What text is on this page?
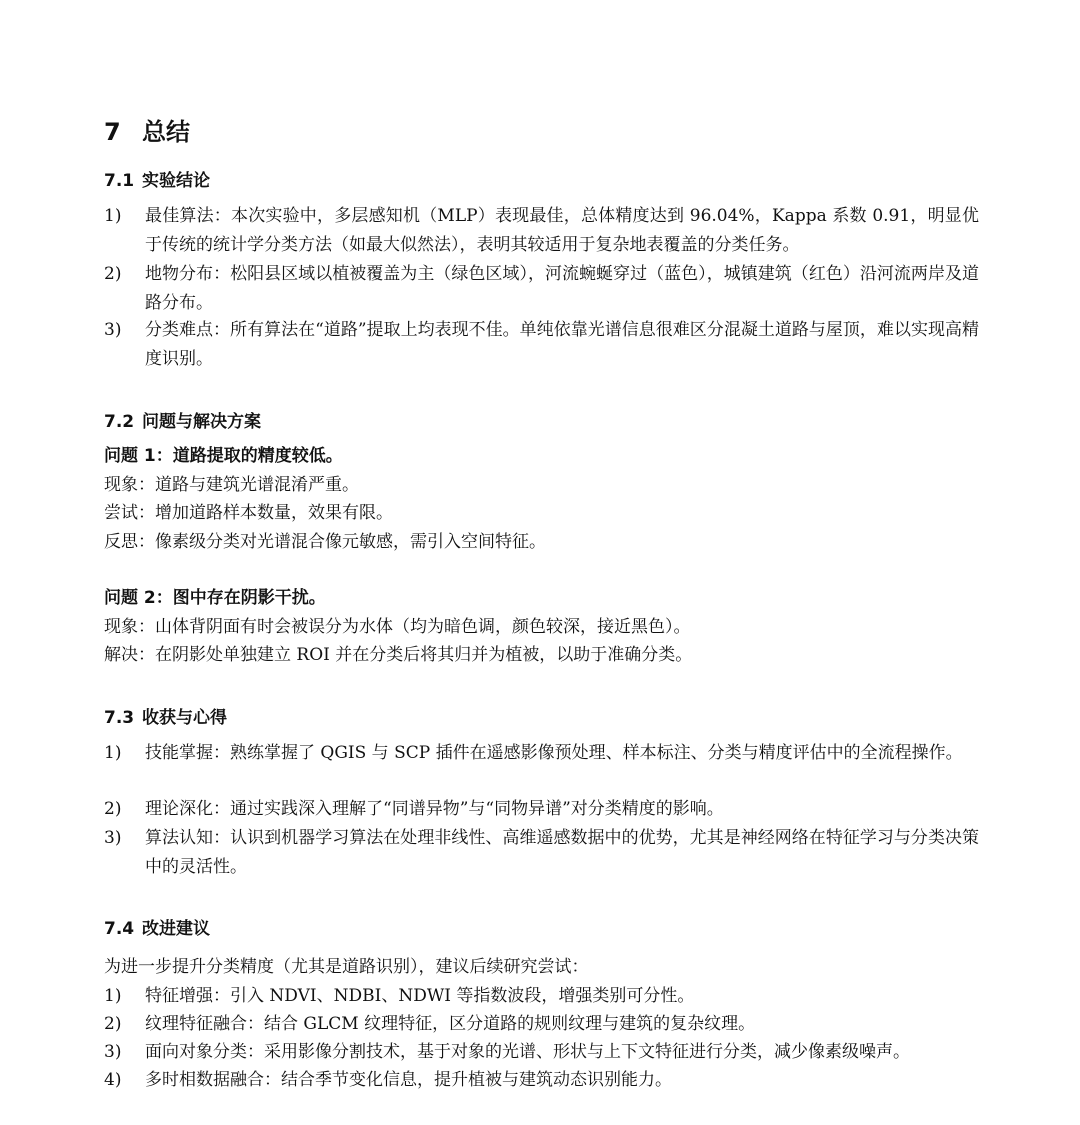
7 总结
7.1 实验结论
1)	最佳算法：本次实验中，多层感知机（MLP）表现最佳，总体精度达到 96.04%，Kappa 系数 0.91，明显优于传统的统计学分类方法（如最大似然法），表明其较适用于复杂地表覆盖的分类任务。
2)	地物分布：松阳县区域以植被覆盖为主（绿色区域），河流蜿蜒穿过（蓝色），城镇建筑（红色）沿河流两岸及道路分布。
3)	分类难点：所有算法在“道路”提取上均表现不佳。单纯依靠光谱信息很难区分混凝土道路与屋顶，难以实现高精度识别。
7.2 问题与解决方案
问题 1：道路提取的精度较低。
现象：道路与建筑光谱混淆严重。
尝试：增加道路样本数量，效果有限。
反思：像素级分类对光谱混合像元敏感，需引入空间特征。
问题 2：图中存在阴影干扰。
现象：山体背阴面有时会被误分为水体（均为暗色调，颜色较深，接近黑色）。
解决：在阴影处单独建立 ROI 并在分类后将其归并为植被，以助于准确分类。
7.3 收获与心得
1)	技能掌握：熟练掌握了 QGIS 与 SCP 插件在遥感影像预处理、样本标注、分类与精度评估中的全流程操作。
2)	理论深化：通过实践深入理解了“同谱异物”与“同物异谱”对分类精度的影响。
3)	算法认知：认识到机器学习算法在处理非线性、高维遥感数据中的优势，尤其是神经网络在特征学习与分类决策中的灵活性。
7.4 改进建议
为进一步提升分类精度（尤其是道路识别），建议后续研究尝试：
1)	特征增强：引入 NDVI、NDBI、NDWI 等指数波段，增强类别可分性。
2)	纹理特征融合：结合 GLCM 纹理特征，区分道路的规则纹理与建筑的复杂纹理。
3)	面向对象分类：采用影像分割技术，基于对象的光谱、形状与上下文特征进行分类，减少像素级噪声。
4)	多时相数据融合：结合季节变化信息，提升植被与建筑动态识别能力。
